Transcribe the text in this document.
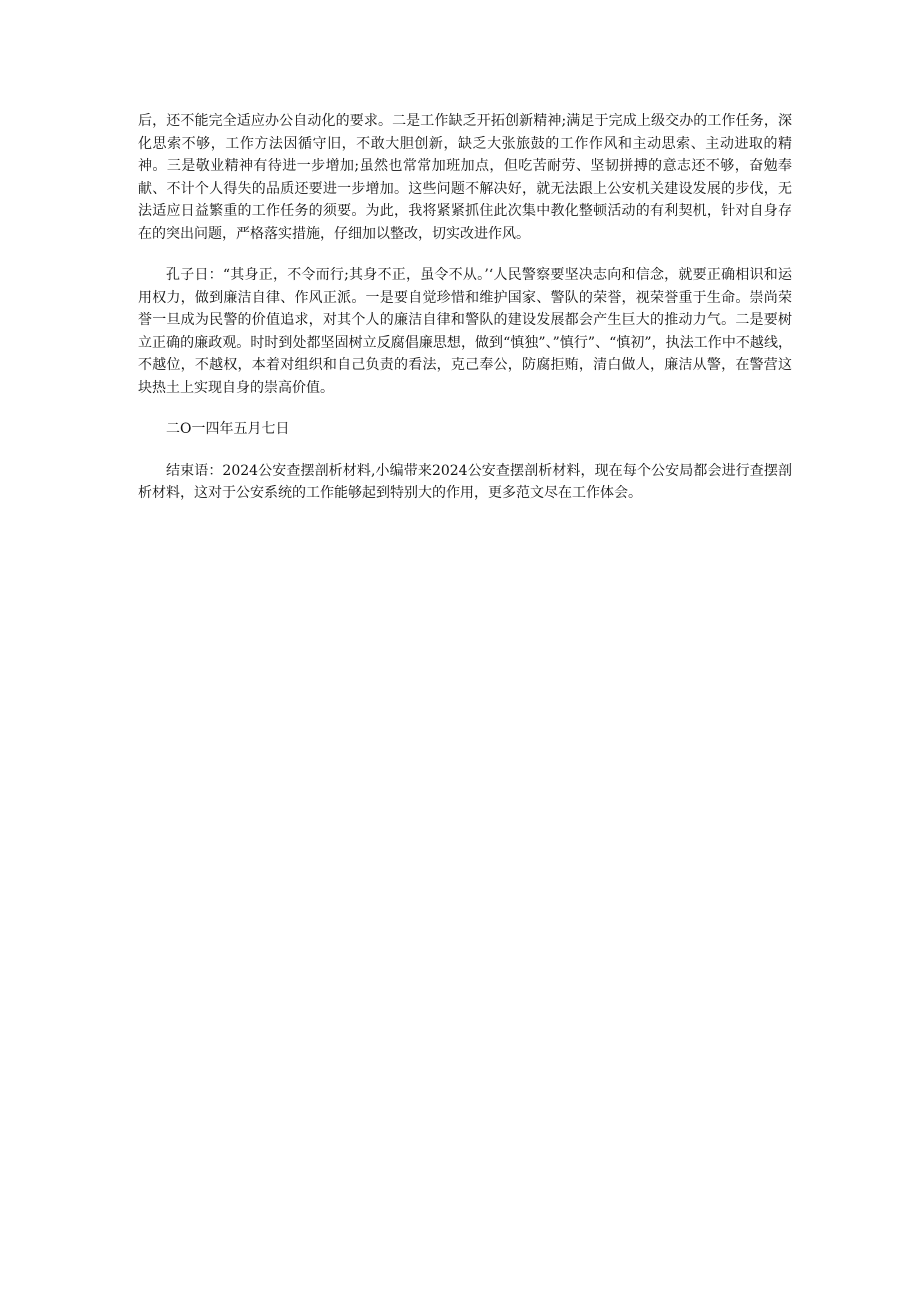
后，还不能完全适应办公自动化的要求。二是工作缺乏开拓创新精神;满足于完成上级交办的工作任务，深化思索不够，工作方法因循守旧，不敢大胆创新，缺乏大张旅鼓的工作作风和主动思索、主动进取的精神。三是敬业精神有待进一步增加;虽然也常常加班加点，但吃苦耐劳、坚韧拼搏的意志还不够，奋勉奉献、不计个人得失的品质还要进一步增加。这些问题不解决好，就无法跟上公安机关建设发展的步伐，无法适应日益繁重的工作任务的须要。为此，我将紧紧抓住此次集中教化整顿活动的有利契机，针对自身存在的突出问题，严格落实措施，仔细加以整改，切实改进作风。

孔子日：“其身正，不令而行;其身不正，虽令不从。’‘人民警察要坚决志向和信念，就要正确相识和运用权力，做到廉洁自律、作风正派。一是要自觉珍惜和维护国家、警队的荣誉，视荣誉重于生命。崇尚荣誉一旦成为民警的价值追求，对其个人的廉洁自律和警队的建设发展都会产生巨大的推动力气。二是要树立正确的廉政观。时时到处都坚固树立反腐倡廉思想，做到“慎独”、”慎行”、“慎初”，执法工作中不越线，不越位，不越权，本着对组织和自己负责的看法，克己奉公，防腐拒贿，清白做人，廉洁从警，在警营这块热土上实现自身的崇高价值。

二O一四年五月七日

结束语：2024公安查摆剖析材料,小编带来2024公安查摆剖析材料，现在每个公安局都会进行查摆剖析材料，这对于公安系统的工作能够起到特别大的作用，更多范文尽在工作体会。
